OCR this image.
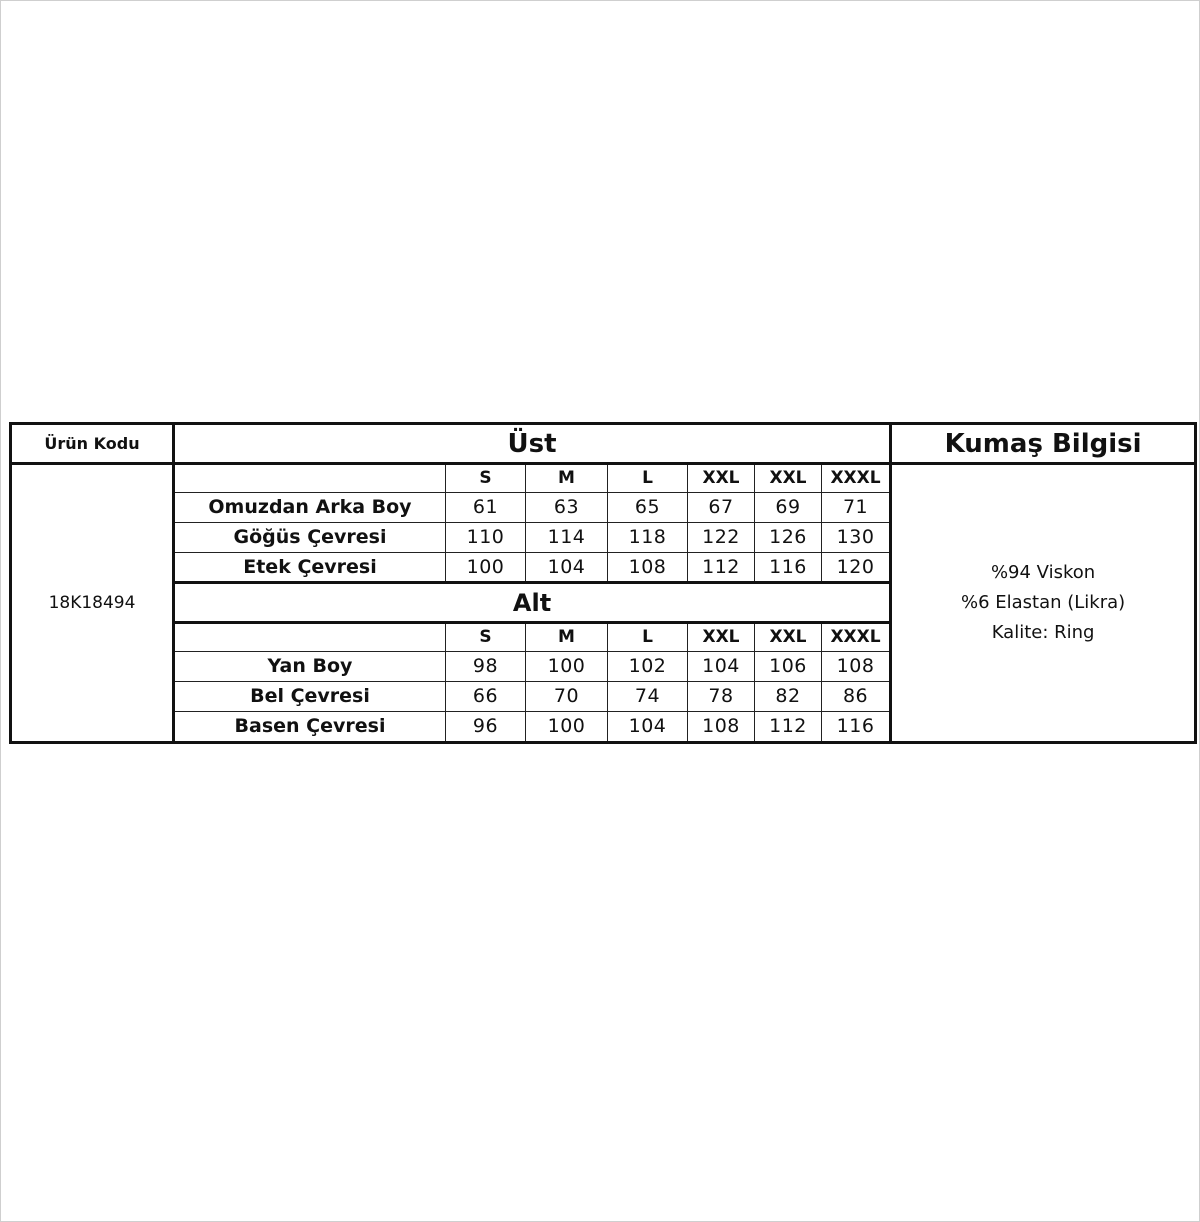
Ürün Kodu	Üst							Kumaş Bilgisi
18K18494		S	M	L	XXL	XXL	XXXL	%94 Viskon
%6 Elastan (Likra)
Kalite: Ring

	Omuzdan Arka Boy	61	63	65	67	69	71	
	Göğüs Çevresi	110	114	118	122	126	130	
	Etek Çevresi	100	104	108	112	116	120	
	Alt							
		S	M	L	XXL	XXL	XXXL	
	Yan Boy	98	100	102	104	106	108	
	Bel Çevresi	66	70	74	78	82	86	
	Basen Çevresi	96	100	104	108	112	116	
